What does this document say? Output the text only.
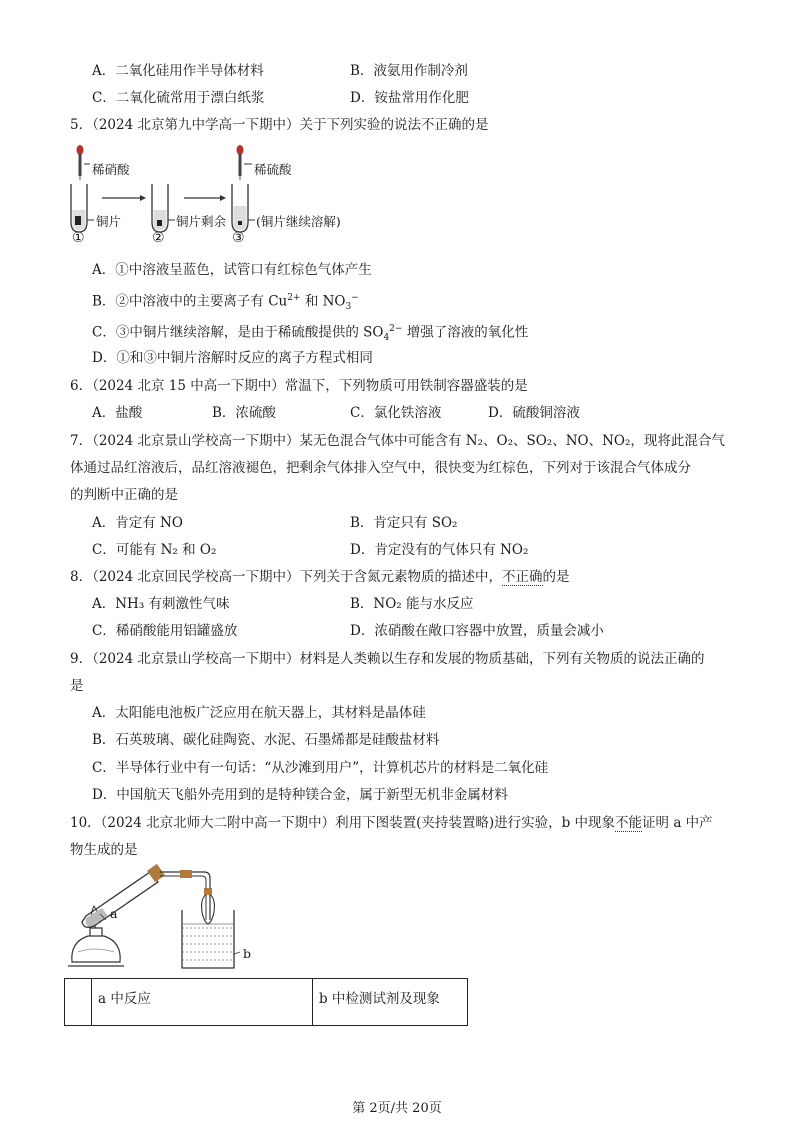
A．二氧化硅用作半导体材料	B．液氨用作制冷剂
C．二氧化硫常用于漂白纸浆	D．铵盐常用作化肥
5．（2024 北京第九中学高一下期中）关于下列实验的说法不正确的是
稀硝酸	稀硫酸
铜片	铜片剩余 (铜片继续溶解)
①	②	③
A．①中溶液呈蓝色，试管口有红棕色气体产生
B．②中溶液中的主要离子有 $Cu^{2+}$ 和 $NO_3^-$
C．③中铜片继续溶解，是由于稀硫酸提供的 $SO_4^{2-}$ 增强了溶液的氧化性
D．①和③中铜片溶解时反应的离子方程式相同
6．（2024 北京 15 中高一下期中）常温下，下列物质可用铁制容器盛装的是
A．盐酸	B．浓硫酸	C．氯化铁溶液	D．硫酸铜溶液
7．（2024 北京景山学校高一下期中）某无色混合气体中可能含有 N₂、O₂、SO₂、NO、NO₂，现将此混合气
体通过品红溶液后，品红溶液褪色，把剩余气体排入空气中，很快变为红棕色，下列对于该混合气体成分
的判断中正确的是
A．肯定有 NO	B．肯定只有 SO₂
C．可能有 N₂ 和 O₂	D．肯定没有的气体只有 NO₂
8．（2024 北京回民学校高一下期中）下列关于含氮元素物质的描述中，不正确的是
A．NH₃ 有刺激性气味	B．NO₂ 能与水反应
C．稀硝酸能用铝罐盛放	D．浓硝酸在敞口容器中放置，质量会减小
9．（2024 北京景山学校高一下期中）材料是人类赖以生存和发展的物质基础，下列有关物质的说法正确的
是
A．太阳能电池板广泛应用在航天器上，其材料是晶体硅
B．石英玻璃、碳化硅陶瓷、水泥、石墨烯都是硅酸盐材料
C．半导体行业中有一句话：“从沙滩到用户”，计算机芯片的材料是二氧化硅
D．中国航天飞船外壳用到的是特种镁合金，属于新型无机非金属材料
10．（2024 北京北师大二附中高一下期中）利用下图装置(夹持装置略)进行实验，b 中现象不能证明 a 中产
物生成的是
a
b
	a 中反应	b 中检测试剂及现象
第 2页/共 20页
